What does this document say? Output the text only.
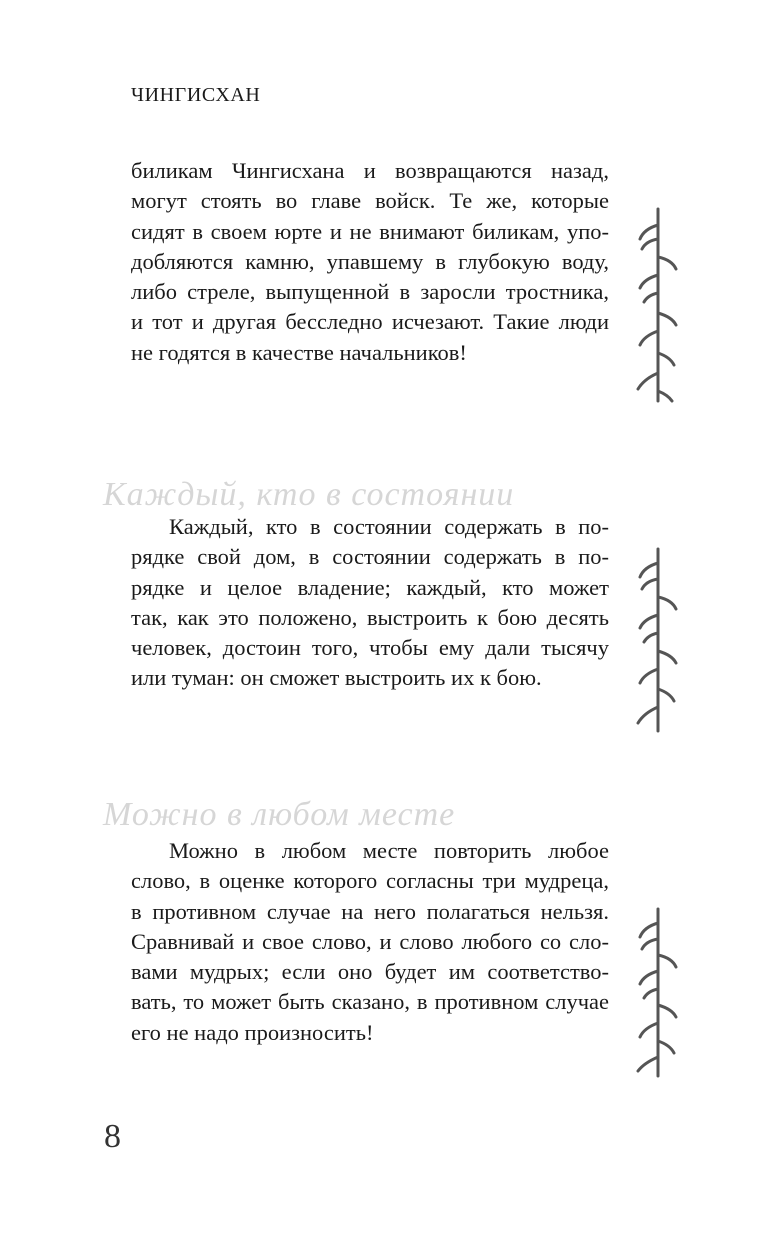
ЧИНГИСХАН

биликам Чингисхана и возвращаются назад,
могут стоять во главе войск. Те же, которые
сидят в своем юрте и не внимают биликам, упо-
добляются камню, упавшему в глубокую воду,
либо стреле, выпущенной в заросли тростника,
и тот и другая бесследно исчезают. Такие люди
не годятся в качестве начальников!

Каждый, кто в состоянии

Каждый, кто в состоянии содержать в по-
рядке свой дом, в состоянии содержать в по-
рядке и целое владение; каждый, кто может
так, как это положено, выстроить к бою десять
человек, достоин того, чтобы ему дали тысячу
или туман: он сможет выстроить их к бою.

Можно в любом месте

Можно в любом месте повторить любое
слово, в оценке которого согласны три мудреца,
в противном случае на него полагаться нельзя.
Сравнивай и свое слово, и слово любого со сло-
вами мудрых; если оно будет им соответство-
вать, то может быть сказано, в противном случае
его не надо произносить!

8
